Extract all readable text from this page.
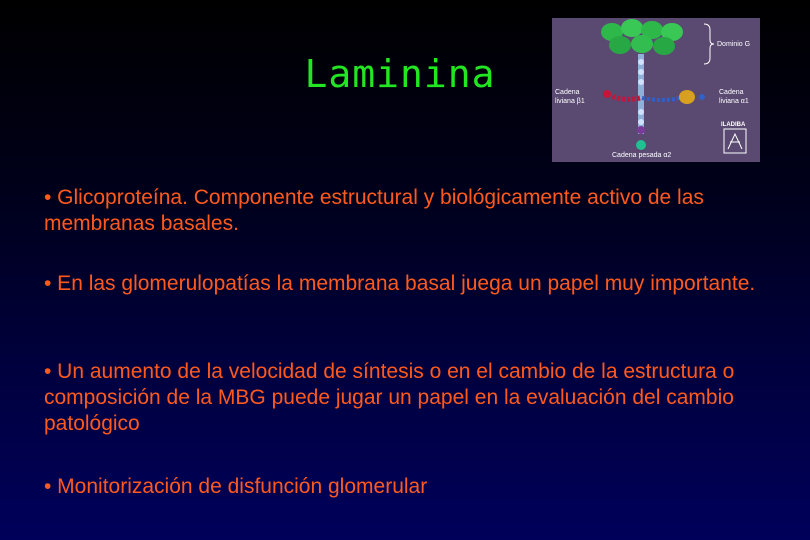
Laminina
Dominio G
Cadena
liviana β1
Cadena
liviana α1
Cadena pesada α2
ILADIBA

• Glicoproteína. Componente estructural y biológicamente activo de las membranas basales.

• En las glomerulopatías la membrana basal juega un papel muy importante.

• Un aumento de la velocidad de síntesis o en el cambio de la estructura o composición de la MBG puede jugar un papel en la evaluación del cambio patológico

• Monitorización de disfunción glomerular
